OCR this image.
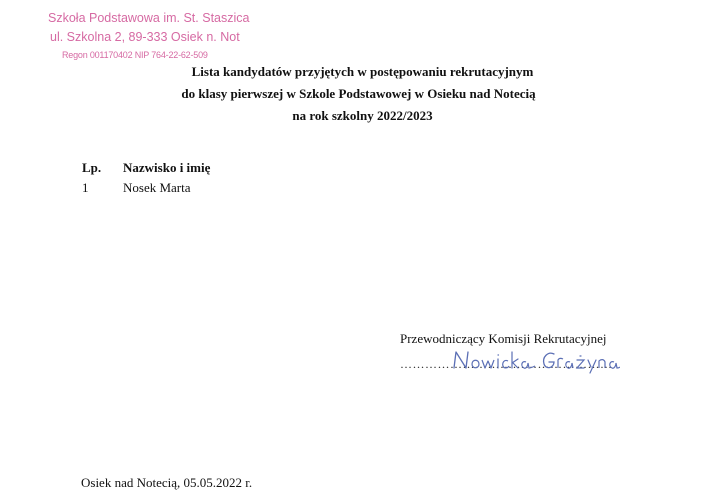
Szkoła Podstawowa im. St. Staszica
ul. Szkolna 2, 89-333 Osiek n. Not
Regon 001170402 NIP 764-22-62-509
Lista kandydatów przyjętych w postępowaniu rekrutacyjnym
do klasy pierwszej w Szkole Podstawowej w Osieku nad Notecią
na rok szkolny 2022/2023
Lp.	Nazwisko i imię
1	Nosek Marta
Przewodniczący Komisji Rekrutacyjnej
……………………………………………
Osiek nad Notecią, 05.05.2022 r.
